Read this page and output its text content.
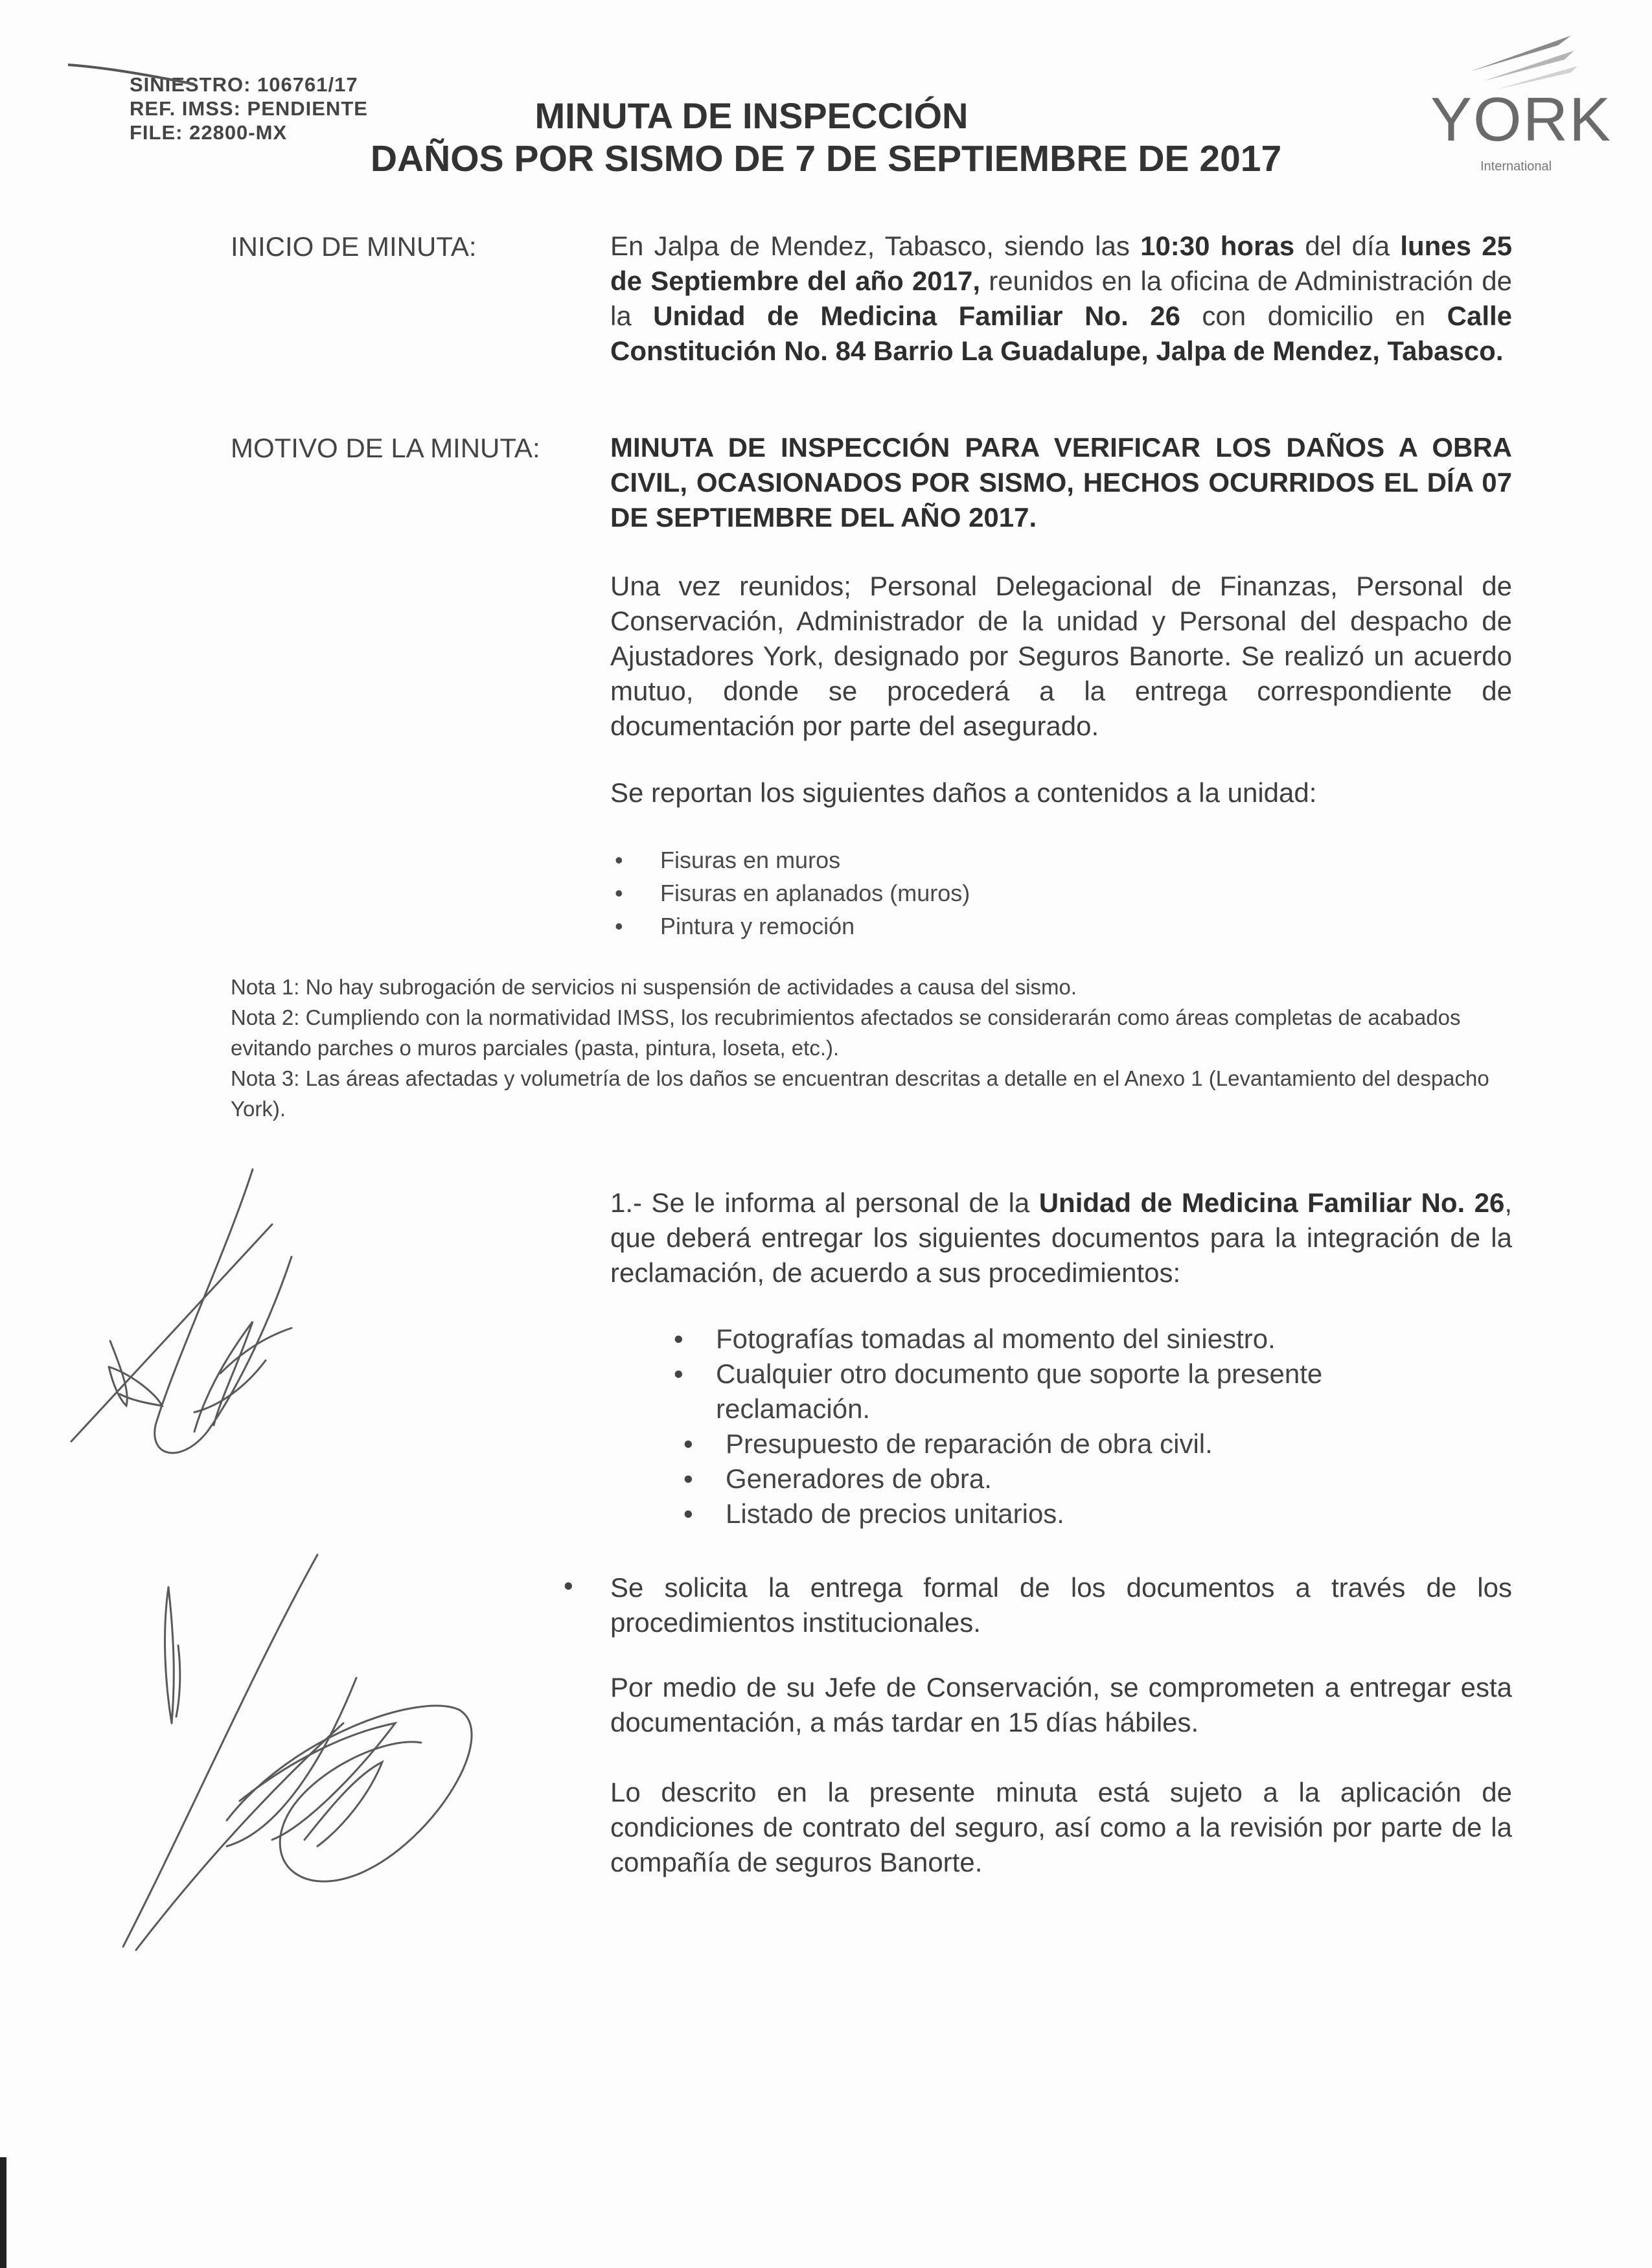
SINIESTRO: 106761/17
REF. IMSS: PENDIENTE
FILE: 22800-MX	MINUTA DE INSPECCIÓN
DAÑOS POR SISMO DE 7 DE SEPTIEMBRE DE 2017
YORK
International
INICIO DE MINUTA:	En Jalpa de Mendez, Tabasco, siendo las 10:30 horas del día lunes 25 de Septiembre del año 2017, reunidos en la oficina de Administración de la Unidad de Medicina Familiar No. 26 con domicilio en Calle Constitución No. 84 Barrio La Guadalupe, Jalpa de Mendez, Tabasco.
MOTIVO DE LA MINUTA:	MINUTA DE INSPECCIÓN PARA VERIFICAR LOS DAÑOS A OBRA CIVIL, OCASIONADOS POR SISMO, HECHOS OCURRIDOS EL DÍA 07 DE SEPTIEMBRE DEL AÑO 2017.
Una vez reunidos; Personal Delegacional de Finanzas, Personal de Conservación, Administrador de la unidad y Personal del despacho de Ajustadores York, designado por Seguros Banorte. Se realizó un acuerdo mutuo, donde se procederá a la entrega correspondiente de documentación por parte del asegurado.
Se reportan los siguientes daños a contenidos a la unidad:
• Fisuras en muros
• Fisuras en aplanados (muros)
• Pintura y remoción
Nota 1: No hay subrogación de servicios ni suspensión de actividades a causa del sismo.
Nota 2: Cumpliendo con la normatividad IMSS, los recubrimientos afectados se considerarán como áreas completas de acabados evitando parches o muros parciales (pasta, pintura, loseta, etc.).
Nota 3: Las áreas afectadas y volumetría de los daños se encuentran descritas a detalle en el Anexo 1 (Levantamiento del despacho York).
1.- Se le informa al personal de la Unidad de Medicina Familiar No. 26, que deberá entregar los siguientes documentos para la integración de la reclamación, de acuerdo a sus procedimientos:
• Fotografías tomadas al momento del siniestro.
• Cualquier otro documento que soporte la presente reclamación.
• Presupuesto de reparación de obra civil.
• Generadores de obra.
• Listado de precios unitarios.
• Se solicita la entrega formal de los documentos a través de los procedimientos institucionales.
Por medio de su Jefe de Conservación, se comprometen a entregar esta documentación, a más tardar en 15 días hábiles.
Lo descrito en la presente minuta está sujeto a la aplicación de condiciones de contrato del seguro, así como a la revisión por parte de la compañía de seguros Banorte.
